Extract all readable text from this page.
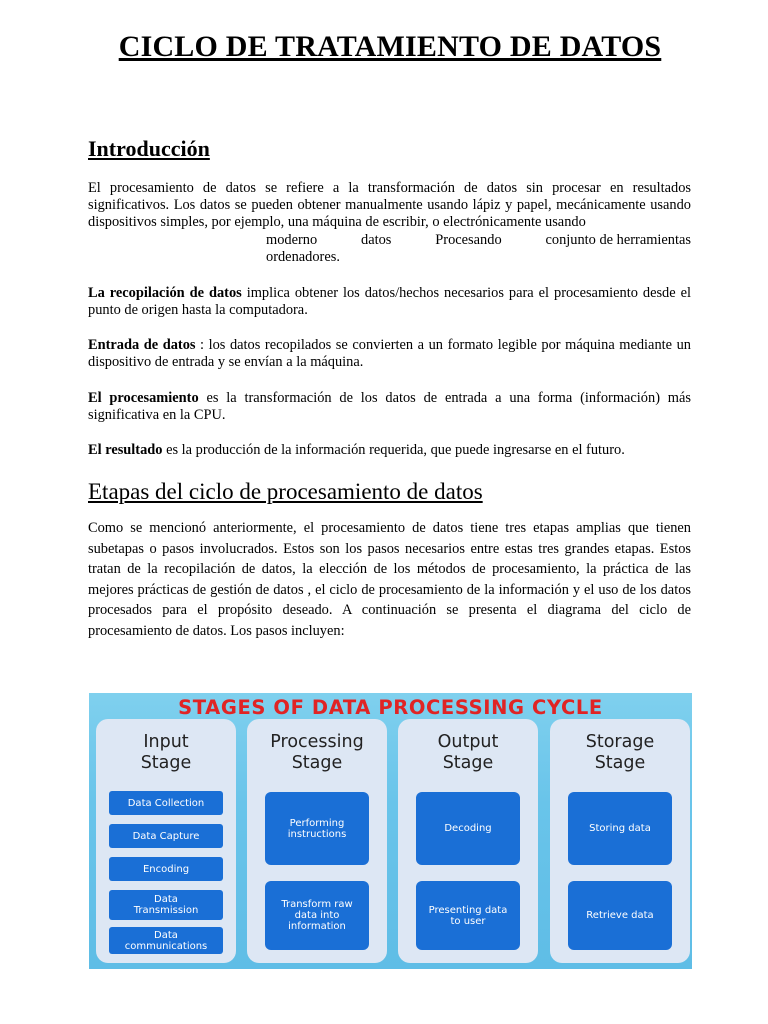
CICLO DE TRATAMIENTO DE DATOS
Introducción

El procesamiento de datos se refiere a la transformación de datos sin procesar en resultados significativos. Los datos se pueden obtener manualmente usando lápiz y papel, mecánicamente usando dispositivos simples, por ejemplo, una máquina de escribir, o electrónicamente usando

moderno	datos	Procesando	conjunto de herramientas
ordenadores.

La recopilación de datos implica obtener los datos/hechos necesarios para el procesamiento desde el punto de origen hasta la computadora.

Entrada de datos : los datos recopilados se convierten a un formato legible por máquina mediante un dispositivo de entrada y se envían a la máquina.

El procesamiento es la transformación de los datos de entrada a una forma (información) más significativa en la CPU.

El resultado es la producción de la información requerida, que puede ingresarse en el futuro.

Etapas del ciclo de procesamiento de datos

Como se mencionó anteriormente, el procesamiento de datos tiene tres etapas amplias que tienen subetapas o pasos involucrados. Estos son los pasos necesarios entre estas tres grandes etapas. Estos tratan de la recopilación de datos, la elección de los métodos de procesamiento, la práctica de las mejores prácticas de gestión de datos , el ciclo de procesamiento de la información y el uso de los datos procesados para el propósito deseado. A continuación se presenta el diagrama del ciclo de procesamiento de datos. Los pasos incluyen:

STAGES OF DATA PROCESSING CYCLE
Input
Stage
Data Collection
Data Capture
Encoding
Data
Transmission
Data
communications
Processing
Stage
Performing
instructions
Transform raw
data into
information
Output
Stage
Decoding
Presenting data
to user
Storage
Stage
Storing data
Retrieve data
